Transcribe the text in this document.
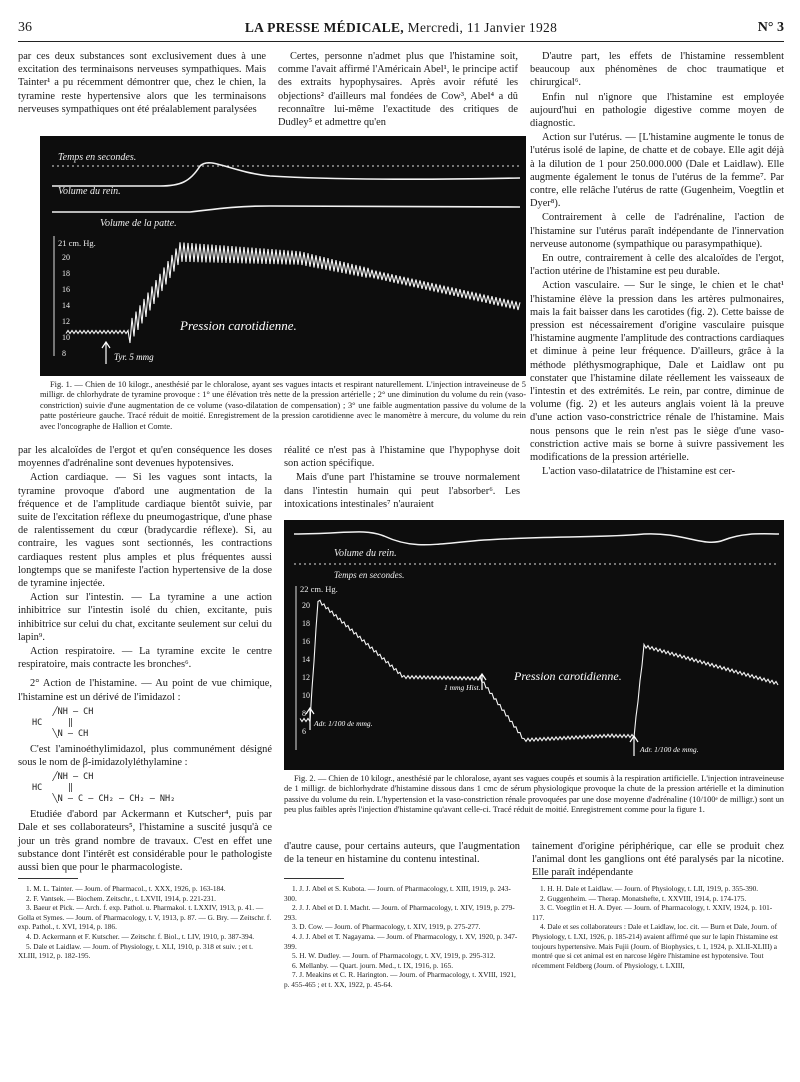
36	LA PRESSE MÉDICALE, Mercredi, 11 Janvier 1928	N° 3

par ces deux substances sont exclusivement dues à une excitation des terminaisons nerveuses sympathiques. Mais Tainter¹ a pu récemment démontrer que, chez le chien, la tyramine reste hypertensive alors que les terminaisons nerveuses sympathiques ont été préalablement paralysées

Certes, personne n'admet plus que l'histamine soit, comme l'avait affirmé l'Américain Abel¹, le principe actif des extraits hypophysaires. Après avoir réfuté les objections² d'ailleurs mal fondées de Cow³, Abel⁴ a dû reconnaître lui-même l'exactitude des critiques de Dudley⁵ et admettre qu'en

D'autre part, les effets de l'histamine ressemblent beaucoup aux phénomènes de choc traumatique et chirurgical⁶.

Enfin nul n'ignore que l'histamine est employée aujourd'hui en pathologie digestive comme moyen de diagnostic.

Action sur l'utérus. — [L'histamine augmente le tonus de l'utérus isolé de lapine, de chatte et de cobaye. Elle agit déjà à la dilution de 1 pour 250.000.000 (Dale et Laidlaw). Elle augmente également le tonus de l'utérus de la femme⁷. Par contre, elle relâche l'utérus de ratte (Gugenheim, Voegtlin et Dyer⁸).

Contrairement à celle de l'adrénaline, l'action de l'histamine sur l'utérus paraît indépendante de l'innervation nerveuse autonome (sympathique ou parasympathique).

En outre, contrairement à celle des alcaloïdes de l'ergot, l'action utérine de l'histamine est peu durable.

Action vasculaire. — Sur le singe, le chien et le chat¹ l'histamine élève la pression dans les artères pulmonaires, mais la fait baisser dans les carotides (fig. 2). Cette baisse de pression est nécessairement d'origine vasculaire puisque l'histamine augmente l'amplitude des contractions cardiaques et diminue à peine leur fréquence. D'ailleurs, grâce à la méthode pléthysmographique, Dale et Laidlaw ont pu constater que l'histamine dilate réellement les vaisseaux de l'intestin et des extrémités. Le rein, par contre, diminue de volume (fig. 2) et les auteurs anglais voient là la preuve d'une action vaso-constrictrice rénale de l'histamine. Mais nous pensons que le rein n'est pas le siège d'une vaso-constriction active mais se borne à suivre passivement les modifications de la pression artérielle.

L'action vaso-dilatatrice de l'histamine est cer-

Temps en secondes.
Volume du rein.
Volume de la patte.
21 cm. Hg.
20
18
16
14
12
10
8
Pression carotidienne.
Tyr. 5 mmg

Fig. 1. — Chien de 10 kilogr., anesthésié par le chloralose, ayant ses vagues intacts et respirant naturellement. L'injection intraveineuse de 5 milligr. de chlorhydrate de tyramine provoque : 1° une élévation très nette de la pression artérielle ; 2° une diminution du volume du rein (vaso-constriction) suivie d'une augmentation de ce volume (vaso-dilatation de compensation) ; 3° une faible augmentation passive du volume de la patte postérieure gauche. Tracé réduit de moitié. Enregistrement de la pression carotidienne avec le manomètre à mercure, du volume du rein avec l'oncographe de Hallion et Comte.

par les alcaloïdes de l'ergot et qu'en conséquence les doses moyennes d'adrénaline sont devenues hypotensives.

Action cardiaque. — Si les vagues sont intacts, la tyramine provoque d'abord une augmentation de la fréquence et de l'amplitude cardiaque bientôt suivie, par suite de l'excitation réflexe du pneumogastrique, d'une phase de ralentissement du cœur (bradycardie réflexe). Si, au contraire, les vagues sont sectionnés, les contractions cardiaques restent plus amples et plus fréquentes aussi longtemps que se manifeste l'action hypertensive de la dose de tyramine injectée.

Action sur l'intestin. — La tyramine a une action inhibitrice sur l'intestin isolé du chien, excitante, puis inhibitrice sur celui du chat, excitante seulement sur celui du lapin⁹.

Action respiratoire. — La tyramine excite le centre respiratoire, mais contracte les bronches⁶.

2° Action de l'histamine. — Au point de vue chimique, l'histamine est un dérivé de l'imidazol :

╱NH — CH
HC     ‖
╲N — CH

C'est l'aminoéthylimidazol, plus communément désigné sous le nom de β-imidazolyléthylamine :

╱NH — CH
HC     ‖
╲N — C — CH₂ — CH₂ — NH₂

Etudiée d'abord par Ackermann et Kutscher⁴, puis par Dale et ses collaborateurs⁵, l'histamine a suscité jusqu'à ce jour un très grand nombre de travaux. C'est en effet une substance dont l'intérêt est considérable pour le pathologiste aussi bien que pour le pharmacologiste.

réalité ce n'est pas à l'histamine que l'hypophyse doit son action spécifique.

Mais d'une part l'histamine se trouve normalement dans l'intestin humain qui peut l'absorber⁶. Les intoxications intestinales⁷ n'auraient

Volume du rein.
Temps en secondes.
22 cm. Hg.
20
18
16
14
12
10
8
6
Pression carotidienne.
Adr. 1/100 de mmg.
1 mmg Hist.
Adr. 1/100 de mmg.

Fig. 2. — Chien de 10 kilogr., anesthésié par le chloralose, ayant ses vagues coupés et soumis à la respiration artificielle. L'injection intraveineuse de 1 milligr. de bichlorhydrate d'histamine dissous dans 1 cmc de sérum physiologique provoque la chute de la pression artérielle et la diminution passive du volume du rein. L'hypertension et la vaso-constriction rénale provoquées par une dose moyenne d'adrénaline (10/100ᵉ de milligr.) sont un peu plus faibles après l'injection d'histamine qu'avant celle-ci. Tracé réduit de moitié. Enregistrement comme pour la figure 1.

d'autre cause, pour certains auteurs, que l'augmentation de la teneur en histamine du contenu intestinal.

tainement d'origine périphérique, car elle se produit chez l'animal dont les ganglions ont été paralysés par la nicotine. Elle paraît indépendante

1. M. L. Tainter. — Journ. of Pharmacol., t. XXX, 1926, p. 163-184.
2. F. Vantsek. — Biochem. Zeitschr., t. LXVII, 1914, p. 221-231.
3. Baeur et Pick. — Arch. f. exp. Pathol. u. Pharmakol. t. LXXIV, 1913, p. 41. — Golla et Symes. — Journ. of Pharmacology, t. V, 1913, p. 87. — G. Bry. — Zeitschr. f. exp. Pathol., t. XVI, 1914, p. 186.
4. D. Ackermann et F. Kutscher. — Zeitschr. f. Biol., t. LIV, 1910, p. 387-394.
5. Dale et Laidlaw. — Journ. of Physiology, t. XLI, 1910, p. 318 et suiv. ; et t. XLIII, 1912, p. 182-195.
1. J. J. Abel et S. Kubota. — Journ. of Pharmacology, t. XIII, 1919, p. 243-300.
2. J. J. Abel et D. I. Macht. — Journ. of Pharmacology, t. XIV, 1919, p. 279-293.
3. D. Cow. — Journ. of Pharmacology, t. XIV, 1919, p. 275-277.
4. J. J. Abel et T. Nagayama. — Journ. of Pharmacology, t. XV, 1920, p. 347-399.
5. H. W. Dudley. — Journ. of Pharmacology, t. XV, 1919, p. 295-312.
6. Mellanby. — Quart. journ. Med., t. IX, 1916, p. 165.
7. J. Meakins et C. R. Harington. — Journ. of Pharmacology, t. XVIII, 1921, p. 455-465 ; et t. XX, 1922, p. 45-64.
1. H. H. Dale et Laidlaw. — Journ. of Physiology, t. LII, 1919, p. 355-390.
2. Guggenheim. — Therap. Monatshefte, t. XXVIII, 1914, p. 174-175.
3. C. Voegtlin et H. A. Dyer. — Journ. of Pharmacology, t. XXIV, 1924, p. 101-117.
4. Dale et ses collaborateurs : Dale et Laidlaw, loc. cit. — Burn et Dale, Journ. of Physiology, t. LXI, 1926, p. 185-214) avaient affirmé que sur le lapin l'histamine est toujours hypertensive. Mais Fujii (Journ. of Biophysics, t. 1, 1924, p. XLII-XLIII) a montré que si cet animal est en narcose légère l'histamine est hypotensive. Tout récemment Feldberg (Journ. of Physiology, t. LXIII,
